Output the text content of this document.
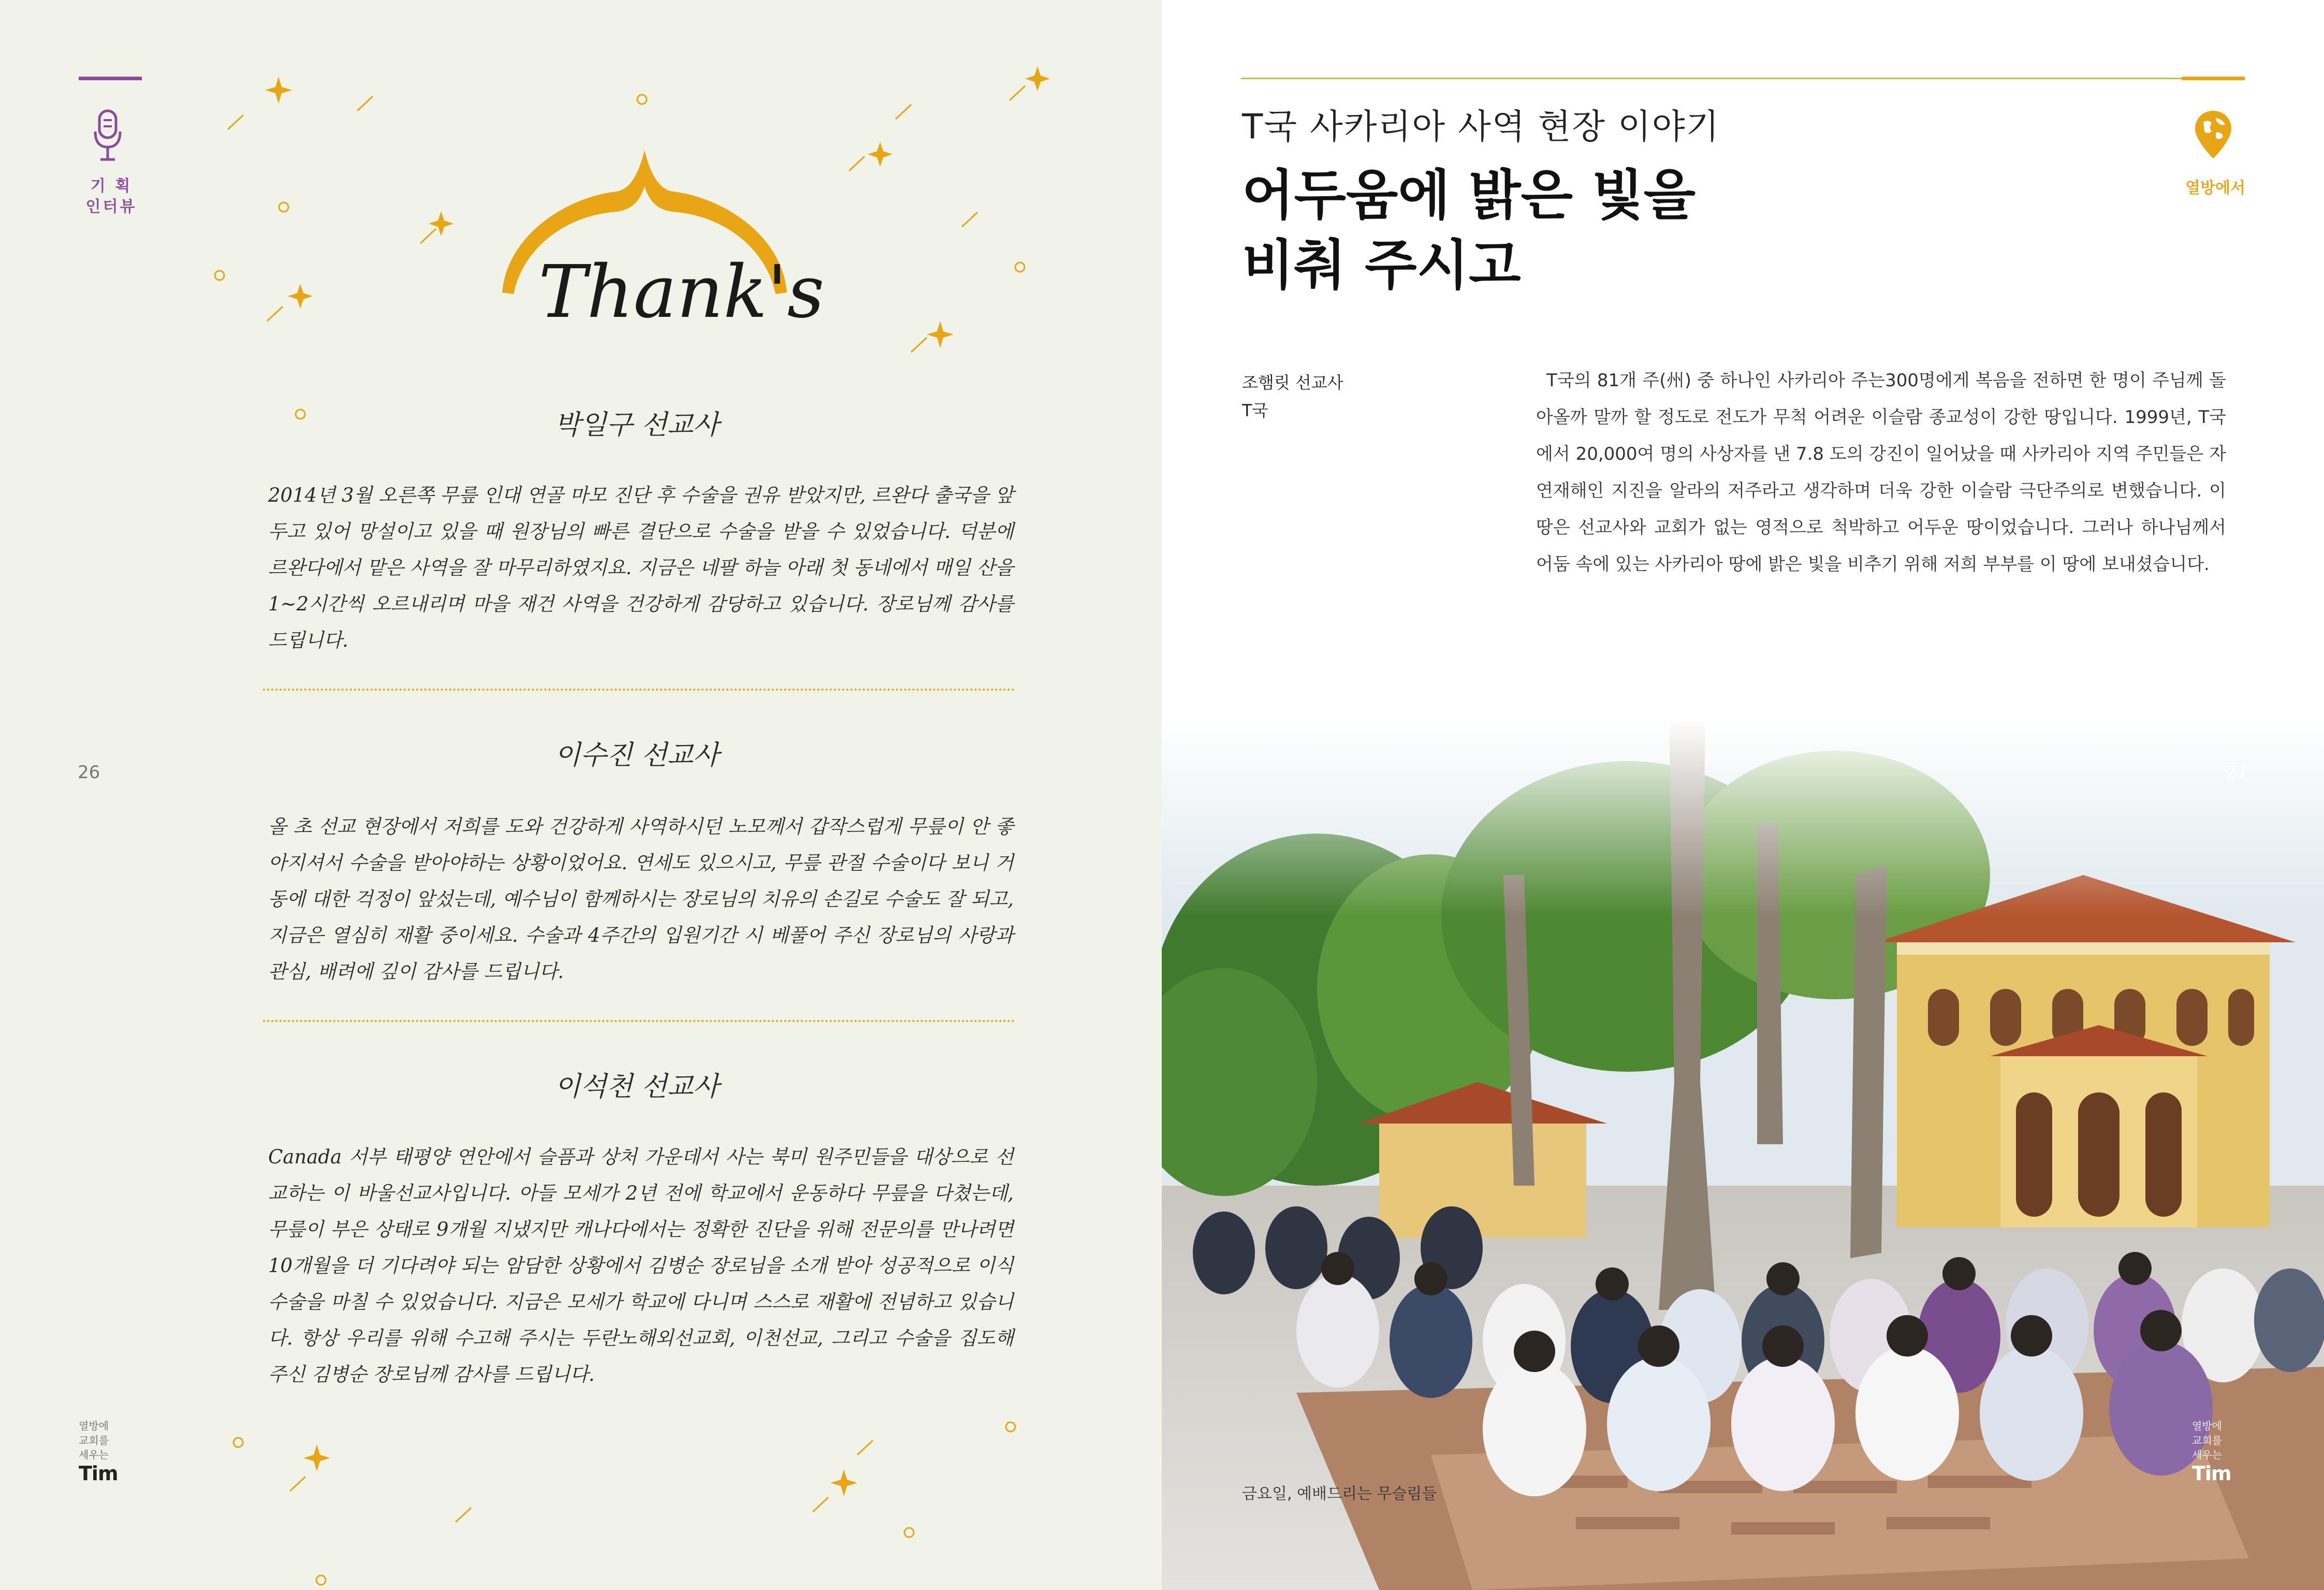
기 획
인터뷰
Thank's
박일구 선교사
2014년 3월 오른쪽 무릎 인대 연골 마모 진단 후 수술을 권유 받았지만, 르완다 출국을 앞두고 있어 망설이고 있을 때 원장님의 빠른 결단으로 수술을 받을 수 있었습니다. 덕분에 르완다에서 맡은 사역을 잘 마무리하였지요. 지금은 네팔 하늘 아래 첫 동네에서 매일 산을 1~2시간씩 오르내리며 마을 재건 사역을 건강하게 감당하고 있습니다. 장로님께 감사를 드립니다.
이수진 선교사
올 초 선교 현장에서 저희를 도와 건강하게 사역하시던 노모께서 갑작스럽게 무릎이 안 좋아지셔서 수술을 받아야하는 상황이었어요. 연세도 있으시고, 무릎 관절 수술이다 보니 거동에 대한 걱정이 앞섰는데, 예수님이 함께하시는 장로님의 치유의 손길로 수술도 잘 되고, 지금은 열심히 재활 중이세요. 수술과 4주간의 입원기간 시 베풀어 주신 장로님의 사랑과 관심, 배려에 깊이 감사를 드립니다.
이석천 선교사
Canada 서부 태평양 연안에서 슬픔과 상처 가운데서 사는 북미 원주민들을 대상으로 선교하는 이 바울선교사입니다. 아들 모세가 2년 전에 학교에서 운동하다 무릎을 다쳤는데, 무릎이 부은 상태로 9개월 지냈지만 캐나다에서는 정확한 진단을 위해 전문의를 만나려면 10개월을 더 기다려야 되는 암담한 상황에서 김병순 장로님을 소개 받아 성공적으로 이식 수술을 마칠 수 있었습니다. 지금은 모세가 학교에 다니며 스스로 재활에 전념하고 있습니다. 항상 우리를 위해 수고해 주시는 두란노해외선교회, 이천선교, 그리고 수술을 집도해 주신 김병순 장로님께 감사를 드립니다.
26
열방에
교회를
세우는
Tim
열방에서
T국 사카리아 사역 현장 이야기
어두움에 밝은 빛을
비춰 주시고
조햄릿 선교사
T국
T국의 81개 주(州) 중 하나인 사카리아 주는300명에게 복음을 전하면 한 명이 주님께 돌아올까 말까 할 정도로 전도가 무척 어려운 이슬람 종교성이 강한 땅입니다. 1999년, T국에서 20,000여 명의 사상자를 낸 7.8 도의 강진이 일어났을 때 사카리아 지역 주민들은 자연재해인 지진을 알라의 저주라고 생각하며 더욱 강한 이슬람 극단주의로 변했습니다. 이 땅은 선교사와 교회가 없는 영적으로 척박하고 어두운 땅이었습니다. 그러나 하나님께서 어둠 속에 있는 사카리아 땅에 밝은 빛을 비추기 위해 저희 부부를 이 땅에 보내셨습니다.
금요일, 예배드리는 무슬림들
27
열방에
교회를
세우는
Tim
